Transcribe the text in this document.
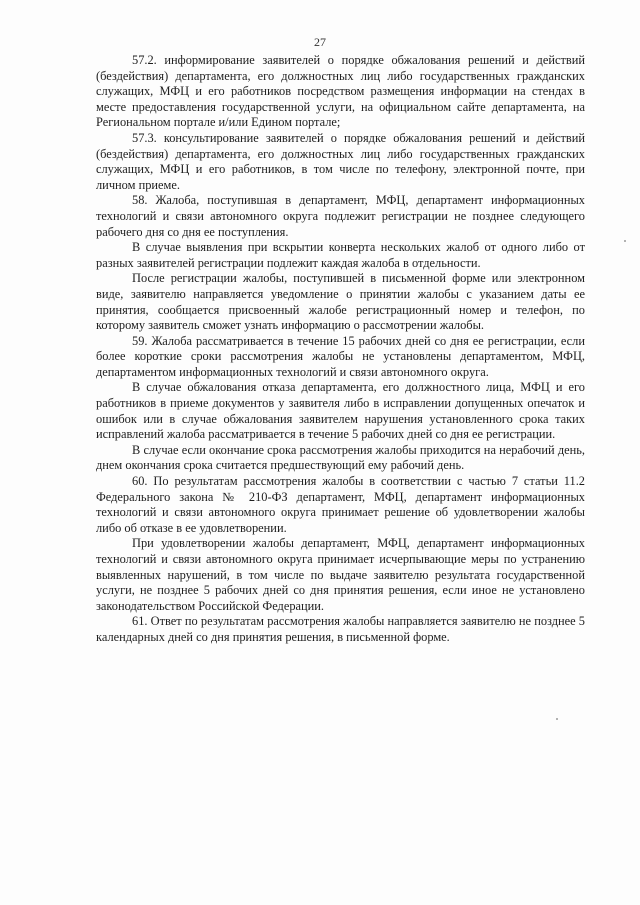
27

57.2. информирование заявителей о порядке обжалования решений и действий (бездействия) департамента, его должностных лиц либо государственных гражданских служащих, МФЦ и его работников посредством размещения информации на стендах в месте предоставления государственной услуги, на официальном сайте департамента, на Региональном портале и/или Едином портале;

57.3. консультирование заявителей о порядке обжалования решений и действий (бездействия) департамента, его должностных лиц либо государственных гражданских служащих, МФЦ и его работников, в том числе по телефону, электронной почте, при личном приеме.

58. Жалоба, поступившая в департамент, МФЦ, департамент информационных технологий и связи автономного округа подлежит регистрации не позднее следующего рабочего дня со дня ее поступления.

В случае выявления при вскрытии конверта нескольких жалоб от одного либо от разных заявителей регистрации подлежит каждая жалоба в отдельности.

После регистрации жалобы, поступившей в письменной форме или электронном виде, заявителю направляется уведомление о принятии жалобы с указанием даты ее принятия, сообщается присвоенный жалобе регистрационный номер и телефон, по которому заявитель сможет узнать информацию о рассмотрении жалобы.

59. Жалоба рассматривается в течение 15 рабочих дней со дня ее регистрации, если более короткие сроки рассмотрения жалобы не установлены департаментом, МФЦ, департаментом информационных технологий и связи автономного округа.

В случае обжалования отказа департамента, его должностного лица, МФЦ и его работников в приеме документов у заявителя либо в исправлении допущенных опечаток и ошибок или в случае обжалования заявителем нарушения установленного срока таких исправлений жалоба рассматривается в течение 5 рабочих дней со дня ее регистрации.

В случае если окончание срока рассмотрения жалобы приходится на нерабочий день, днем окончания срока считается предшествующий ему рабочий день.

60. По результатам рассмотрения жалобы в соответствии с частью 7 статьи 11.2 Федерального закона № 210-ФЗ департамент, МФЦ, департамент информационных технологий и связи автономного округа принимает решение об удовлетворении жалобы либо об отказе в ее удовлетворении.

При удовлетворении жалобы департамент, МФЦ, департамент информационных технологий и связи автономного округа принимает исчерпывающие меры по устранению выявленных нарушений, в том числе по выдаче заявителю результата государственной услуги, не позднее 5 рабочих дней со дня принятия решения, если иное не установлено законодательством Российской Федерации.

61. Ответ по результатам рассмотрения жалобы направляется заявителю не позднее 5 календарных дней со дня принятия решения, в письменной форме.
